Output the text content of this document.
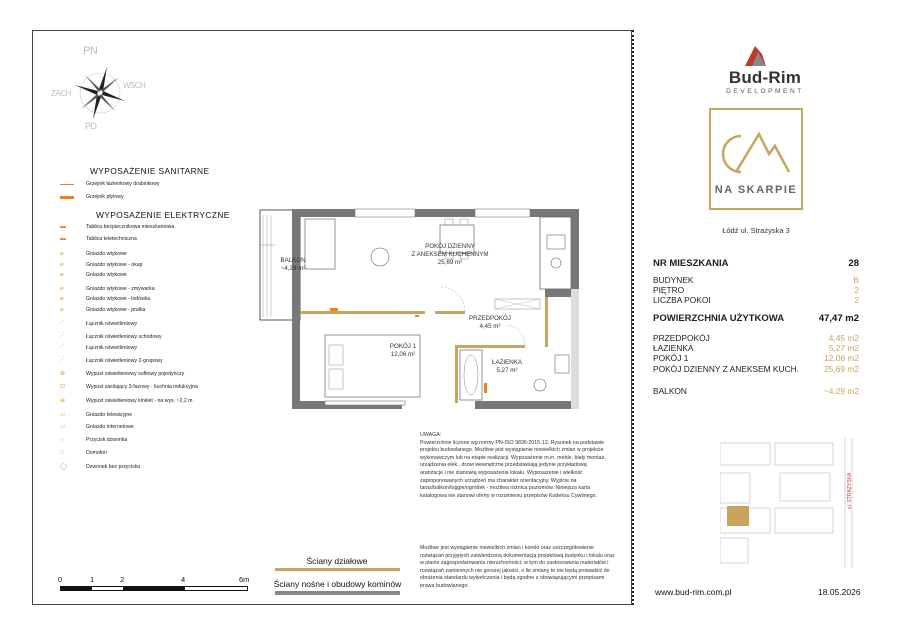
PN
PD
ZACH
WSCH
WYPOSAŻENIE SANITARNE
Grzejnik łazienkowy drabinkowy
Grzejnik płytowy
WYPOSAŻENIE ELEKTRYCZNE
▬	Tablica bezpiecznikowa mieszkaniowa
▬	Tablica teletechniczna
⌀	Gniazdo wtykowe
⌀	Gniazdo wtykowe - okap
⌀	Gniazdo wtykowe
⌀	Gniazdo wtykowe - zmywarka
⌀	Gniazdo wtykowe - lodówka
⌀	Gniazdo wtykowe - pralka
⟋	Łącznik oświetleniowy
⟋	Łącznik oświetleniowy schodowy
⟋	Łącznik oświetleniowy
⟋	Łącznik oświetleniowy 2-grupowy
⊗	Wypust oświetleniowy sufitowy pojedynczy
⊡	Wypust zasilający 3-fazowy - kuchnia indukcyjna
⊕	Wypust oświetleniowy kinkiet - na wys. ~2,2 m
▭	Gniazdo telewizyjne
▭	Gniazdo internetowe
○	Przycisk dzwonka
□	Domofon
◯	Dzwonek bez przycisku
BALKON
~4,29 m²

POKÓJ DZIENNY
Z ANEKSEM KUCHENNYM
25,69 m²

PRZEDPOKÓJ
4,45 m²
POKÓJ 1
12,06 m²
ŁAZIENKA
5,27 m²
UWAGA:
Powierzchnie liczone wg normy PN-ISO 9836:2015-12. Rysunek na podstawie projektu budowlanego. Możliwe jest wystąpienie niewielkich zmian w projekcie wykonawczym lub na etapie realizacji. Wyposażenie m.in. meble, biały montaż, urządzenia elek., drzwi wewnętrzne przedstawiają jedynie przykładową aranżacje i nie stanowią wyposażenia lokalu. Wyposażenie i wielkość zaproponowanych urządzeń ma charakter orientacyjny. Wyjście na taras/balkon/loggie/ogródek - możliwa różnica poziomów. Niniejsza karta katalogowa nie stanowi oferty w rozumieniu przepisów Kodeksu Cywilnego.
Możliwe jest wystąpienie niewielkich zmian i korekt oraz uszczegółowienie rozwiązań przyjętych zatwierdzoną dokumentacją projektową budynku i lokalu oraz w planie zagospodarowania nieruchomości, w tym do zastosowania materiałów i rozwiązań zamiennych nie gorszej jakości, o ile zmiany te nie będą prowadzić do obniżenia standardu wykończenia i będą zgodne z obowiązującymi przepisami prawa budowlanego.
0	1	2	4	6m
Ściany działowe
Ściany nośne i obudowy kominów
Bud-Rim
DEVELOPMENT
NA SKARPIE
Łódź ul. Strażyska 3
NR MIESZKANIA	28
BUDYNEK	B
PIĘTRO	2
LICZBA POKOI	2
POWIERZCHNIA UŻYTKOWA	47,47 m2
PRZEDPOKÓJ	4,45 m2
ŁAZIENKA	5,27 m2
POKÓJ 1	12,06 m2
POKÓJ DZIENNY Z ANEKSEM KUCH.	25,69 m2
BALKON	~4,29 m2
ul. STRAŻYSKA
www.bud-rim.com.pl	18.05.2026
